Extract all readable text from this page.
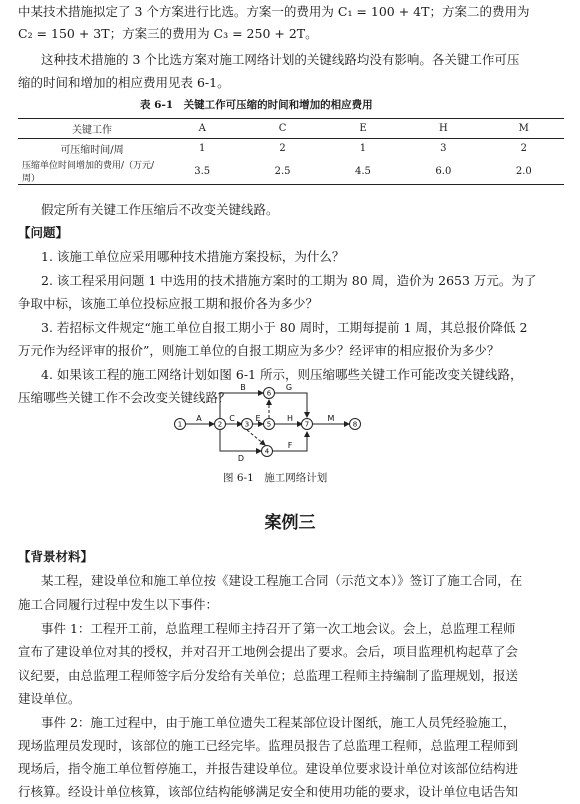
中某技术措施拟定了 3 个方案进行比选。方案一的费用为 C₁ = 100 + 4T；方案二的费用为

C₂ = 150 + 3T；方案三的费用为 C₃ = 250 + 2T。

这种技术措施的 3 个比选方案对施工网络计划的关键线路均没有影响。各关键工作可压

缩的时间和增加的相应费用见表 6-1。

表 6-1　关键工作可压缩的时间和增加的相应费用
关键工作	A	C	E	H	M
可压缩时间/周	1	2	1	3	2
压缩单位时间增加的费用/（万元/周）	3.5	2.5	4.5	6.0	2.0

假定所有关键工作压缩后不改变关键线路。

【问题】

1. 该施工单位应采用哪种技术措施方案投标，为什么？

2. 该工程采用问题 1 中选用的技术措施方案时的工期为 80 周，造价为 2653 万元。为了

争取中标，该施工单位投标应报工期和报价各为多少？

3. 若招标文件规定“施工单位自报工期小于 80 周时，工期每提前 1 周，其总报价降低 2

万元作为经评审的报价”，则施工单位的自报工期应为多少？经评审的相应报价为多少？

4. 如果该工程的施工网络计划如图 6-1 所示，则压缩哪些关键工作可能改变关键线路，

压缩哪些关键工作不会改变关键线路？

1	2	3
4
5
6
7	8
A
B
C
D
E
F
G
H	M
图 6-1　施工网络计划
案例三

【背景材料】

某工程，建设单位和施工单位按《建设工程施工合同（示范文本）》签订了施工合同，在

施工合同履行过程中发生以下事件：

事件 1：工程开工前，总监理工程师主持召开了第一次工地会议。会上，总监理工程师

宣布了建设单位对其的授权，并对召开工地例会提出了要求。会后，项目监理机构起草了会

议纪要，由总监理工程师签字后分发给有关单位；总监理工程师主持编制了监理规划，报送

建设单位。

事件 2：施工过程中，由于施工单位遗失工程某部位设计图纸，施工人员凭经验施工，

现场监理员发现时，该部位的施工已经完毕。监理员报告了总监理工程师，总监理工程师到

现场后，指令施工单位暂停施工，并报告建设单位。建设单位要求设计单位对该部位结构进

行核算。经设计单位核算，该部位结构能够满足安全和使用功能的要求，设计单位电话告知
